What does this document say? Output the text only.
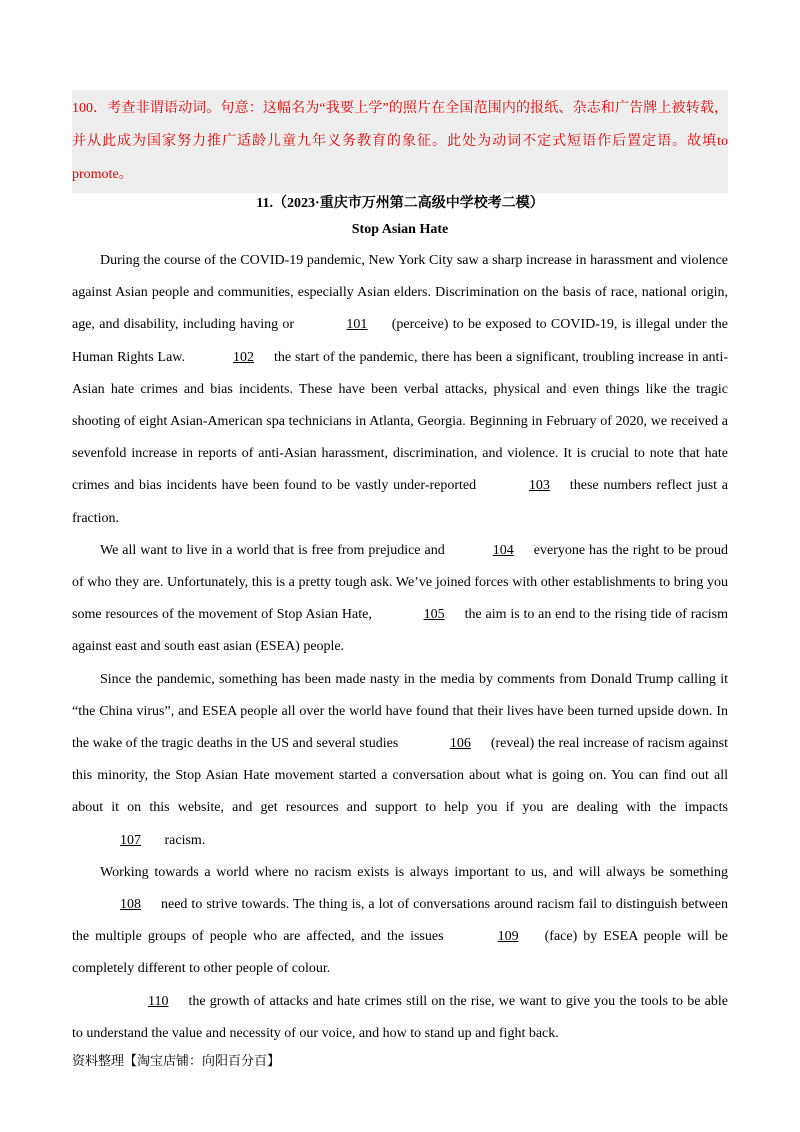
100．考查非谓语动词。句意：这幅名为“我要上学”的照片在全国范围内的报纸、杂志和广告牌上被转载，并从此成为国家努力推广适龄儿童九年义务教育的象征。此处为动词不定式短语作后置定语。故填to promote。

11.（2023·重庆市万州第二高级中学校考二模）
Stop Asian Hate

During the course of the COVID-19 pandemic, New York City saw a sharp increase in harassment and violence against Asian people and communities, especially Asian elders. Discrimination on the basis of race, national origin, age, and disability, including having or	101 (perceive) to be exposed to COVID-19, is illegal under the Human Rights Law.	102 the start of the pandemic, there has been a significant, troubling increase in anti-Asian hate crimes and bias incidents. These have been verbal attacks, physical and even things like the tragic shooting of eight Asian-American spa technicians in Atlanta, Georgia. Beginning in February of 2020, we received a sevenfold increase in reports of anti-Asian harassment, discrimination, and violence. It is crucial to note that hate crimes and bias incidents have been found to be vastly under-reported	103 these numbers reflect just a fraction.

We all want to live in a world that is free from prejudice and	104 everyone has the right to be proud of who they are. Unfortunately, this is a pretty tough ask. We’ve joined forces with other establishments to bring you some resources of the movement of Stop Asian Hate,	105 the aim is to an end to the rising tide of racism against east and south east asian (ESEA) people.

Since the pandemic, something has been made nasty in the media by comments from Donald Trump calling it “the China virus”, and ESEA people all over the world have found that their lives have been turned upside down. In the wake of the tragic deaths in the US and several studies	106 (reveal) the real increase of racism against this minority, the Stop Asian Hate movement started a conversation about what is going on. You can find out all about it on this website, and get resources and support to help you if you are dealing with the impacts 107 racism.

Working towards a world where no racism exists is always important to us, and will always be something 108 need to strive towards. The thing is, a lot of conversations around racism fail to distinguish between the multiple groups of people who are affected, and the issues	109 (face) by ESEA people will be completely different to other people of colour.

110 the growth of attacks and hate crimes still on the rise, we want to give you the tools to be able to understand the value and necessity of our voice, and how to stand up and fight back.

资料整理【淘宝店铺：向阳百分百】
